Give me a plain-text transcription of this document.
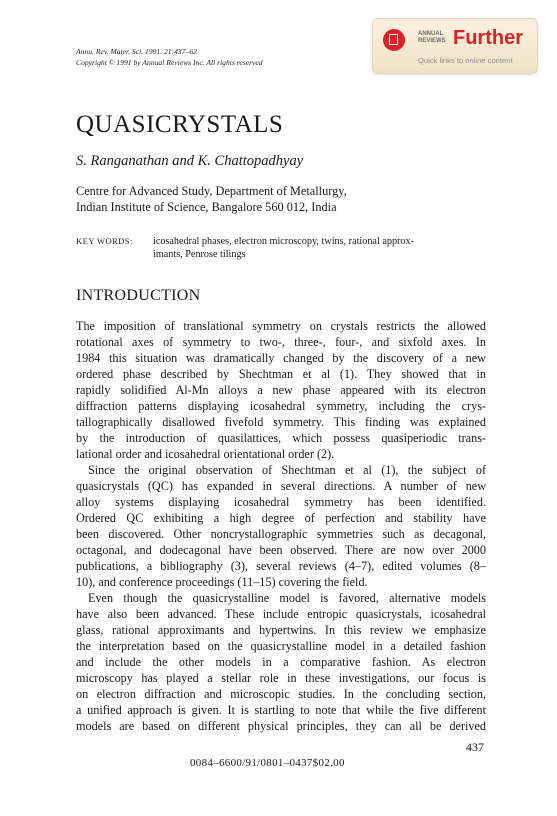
Annu. Rev. Mater. Sci. 1991. 21:437–62
Copyright © 1991 by Annual Reviews Inc. All rights reserved
ANNUAL
REVIEWS Further
Quick links to online content
QUASICRYSTALS
S. Ranganathan and K. Chattopadhyay
Centre for Advanced Study, Department of Metallurgy,
Indian Institute of Science, Bangalore 560 012, India
KEY WORDS: icosahedral phases, electron microscopy, twins, rational approx-
imants, Penrose tilings
INTRODUCTION
The imposition of translational symmetry on crystals restricts the allowed
rotational axes of symmetry to two-, three-, four-, and sixfold axes. In
1984 this situation was dramatically changed by the discovery of a new
ordered phase described by Shechtman et al (1). They showed that in
rapidly solidified Al-Mn alloys a new phase appeared with its electron
diffraction patterns displaying icosahedral symmetry, including the crys-
tallographically disallowed fivefold symmetry. This finding was explained
by the introduction of quasilattices, which possess quasiperiodic trans-
lational order and icosahedral orientational order (2).
Since the original observation of Shechtman et al (1), the subject of
quasicrystals (QC) has expanded in several directions. A number of new
alloy systems displaying icosahedral symmetry has been identified.
Ordered QC exhibiting a high degree of perfection and stability have
been discovered. Other noncrystallographic symmetries such as decagonal,
octagonal, and dodecagonal have been observed. There are now over 2000
publications, a bibliography (3), several reviews (4–7), edited volumes (8–
10), and conference proceedings (11–15) covering the field.
Even though the quasicrystalline model is favored, alternative models
have also been advanced. These include entropic quasicrystals, icosahedral
glass, rational approximants and hypertwins. In this review we emphasize
the interpretation based on the quasicrystalline model in a detailed fashion
and include the other models in a comparative fashion. As electron
microscopy has played a stellar role in these investigations, our focus is
on electron diffraction and microscopic studies. In the concluding section,
a unified approach is given. It is startling to note that while the five different
models are based on different physical principles, they can all be derived
437
0084–6600/91/0801–0437$02.00
